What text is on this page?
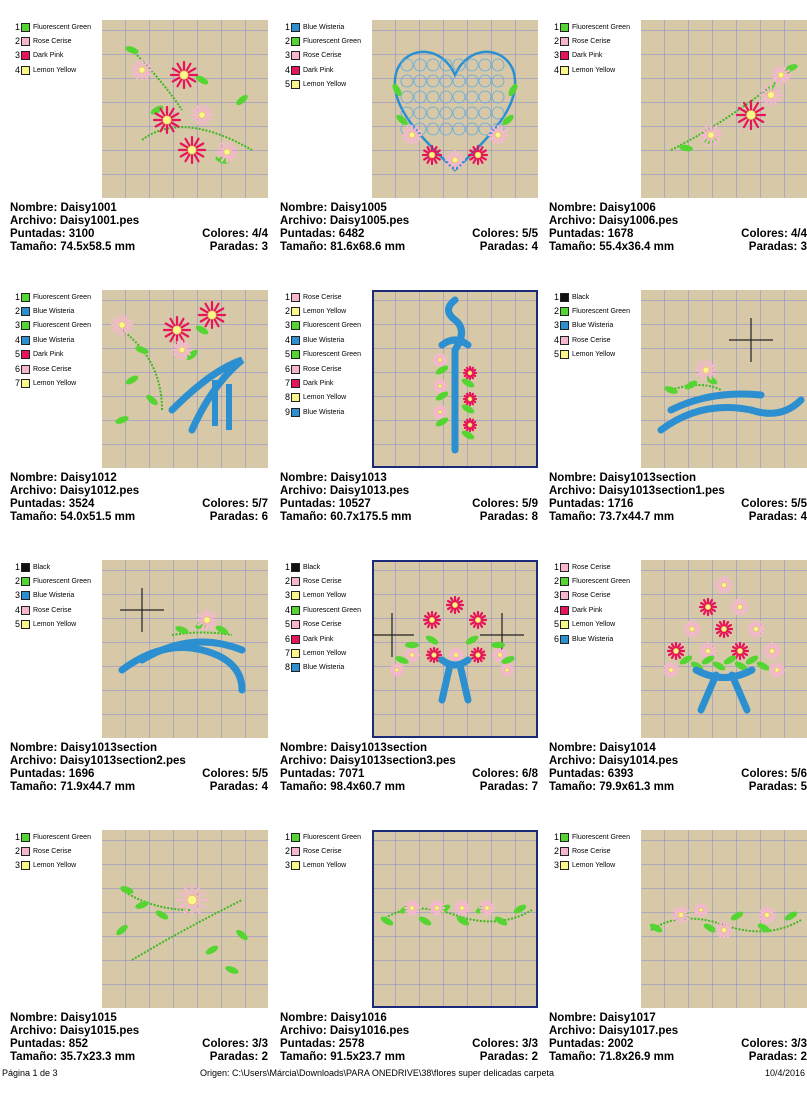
1 Fluorescent Green
2 Rose Cerise
3 Dark Pink
4 Lemon Yellow
Nombre: Daisy1001
Archivo: Daisy1001.pes
Puntadas: 3100	Colores: 4/4
Tamaño: 74.5x58.5 mm	Paradas: 3
1 Blue Wisteria
2 Fluorescent Green
3 Rose Cerise
4 Dark Pink
5 Lemon Yellow
Nombre: Daisy1005
Archivo: Daisy1005.pes
Puntadas: 6482	Colores: 5/5
Tamaño: 81.6x68.6 mm	Paradas: 4
1 Fluorescent Green
2 Rose Cerise
3 Dark Pink
4 Lemon Yellow
Nombre: Daisy1006
Archivo: Daisy1006.pes
Puntadas: 1678	Colores: 4/4
Tamaño: 55.4x36.4 mm	Paradas: 3
1 Fluorescent Green
2 Blue Wisteria
3 Fluorescent Green
4 Blue Wisteria
5 Dark Pink
6 Rose Cerise
7 Lemon Yellow
Nombre: Daisy1012
Archivo: Daisy1012.pes
Puntadas: 3524	Colores: 5/7
Tamaño: 54.0x51.5 mm	Paradas: 6
1 Rose Cerise
2 Lemon Yellow
3 Fluorescent Green
4 Blue Wisteria
5 Fluorescent Green
6 Rose Cerise
7 Dark Pink
8 Lemon Yellow
9 Blue Wisteria
Nombre: Daisy1013
Archivo: Daisy1013.pes
Puntadas: 10527	Colores: 5/9
Tamaño: 60.7x175.5 mm	Paradas: 8
1 Black
2 Fluorescent Green
3 Blue Wisteria
4 Rose Cerise
5 Lemon Yellow
Nombre: Daisy1013section
Archivo: Daisy1013section1.pes
Puntadas: 1716	Colores: 5/5
Tamaño: 73.7x44.7 mm	Paradas: 4
1 Black
2 Fluorescent Green
3 Blue Wisteria
4 Rose Cerise
5 Lemon Yellow
Nombre: Daisy1013section
Archivo: Daisy1013section2.pes
Puntadas: 1696	Colores: 5/5
Tamaño: 71.9x44.7 mm	Paradas: 4
1 Black
2 Rose Cerise
3 Lemon Yellow
4 Fluorescent Green
5 Rose Cerise
6 Dark Pink
7 Lemon Yellow
8 Blue Wisteria
Nombre: Daisy1013section
Archivo: Daisy1013section3.pes
Puntadas: 7071	Colores: 6/8
Tamaño: 98.4x60.7 mm	Paradas: 7
1 Rose Cerise
2 Fluorescent Green
3 Rose Cerise
4 Dark Pink
5 Lemon Yellow
6 Blue Wisteria
Nombre: Daisy1014
Archivo: Daisy1014.pes
Puntadas: 6393	Colores: 5/6
Tamaño: 79.9x61.3 mm	Paradas: 5
1 Fluorescent Green
2 Rose Cerise
3 Lemon Yellow
Nombre: Daisy1015
Archivo: Daisy1015.pes
Puntadas: 852	Colores: 3/3
Tamaño: 35.7x23.3 mm	Paradas: 2
1 Fluorescent Green
2 Rose Cerise
3 Lemon Yellow
Nombre: Daisy1016
Archivo: Daisy1016.pes
Puntadas: 2578	Colores: 3/3
Tamaño: 91.5x23.7 mm	Paradas: 2
1 Fluorescent Green
2 Rose Cerise
3 Lemon Yellow
Nombre: Daisy1017
Archivo: Daisy1017.pes
Puntadas: 2002	Colores: 3/3
Tamaño: 71.8x26.9 mm	Paradas: 2
Página 1 de 3	Origen: C:\Users\Márcia\Downloads\PARA ONEDRIVE\38\flores super delicadas carpeta	10/4/2016
